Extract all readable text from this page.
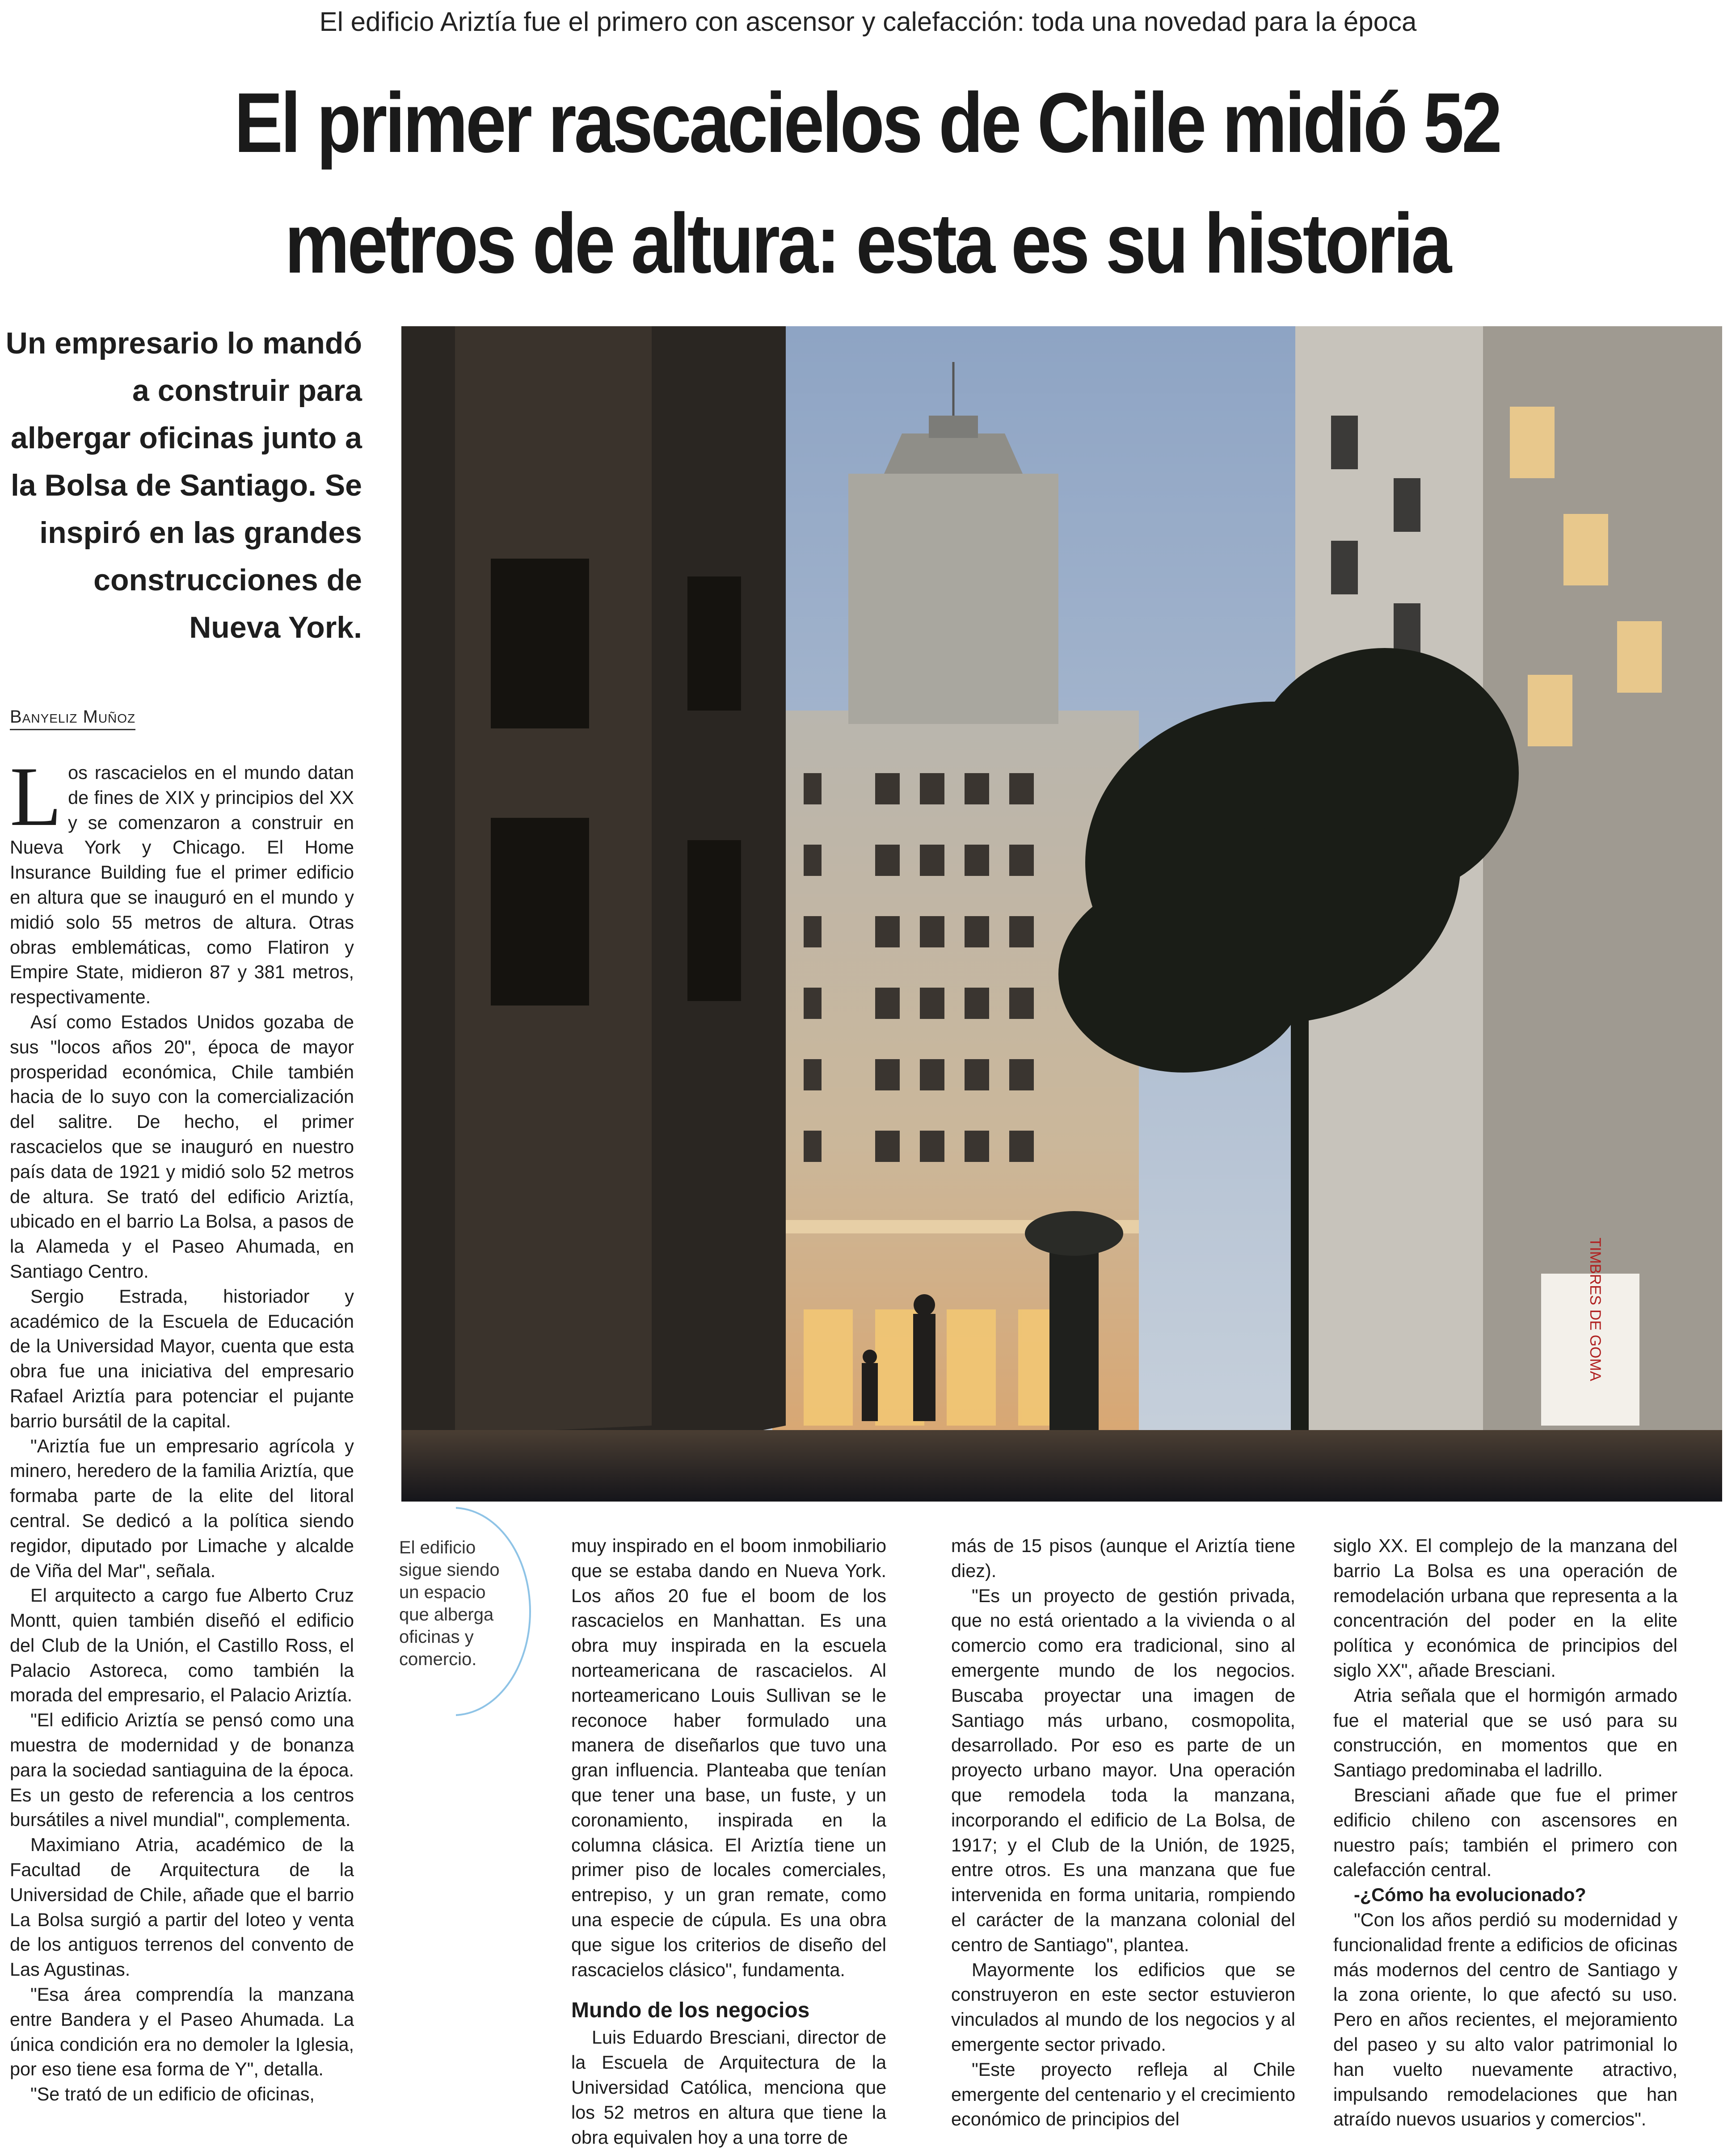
El edificio Ariztía fue el primero con ascensor y calefacción: toda una novedad para la época
El primer rascacielos de Chile midió 52
metros de altura: esta es su historia
Un empresario lo mandó a construir para albergar oficinas junto a la Bolsa de Santiago. Se inspiró en las grandes construcciones de Nueva York.
Banyeliz Muñoz

Los rascacielos en el mundo datan de fines de XIX y principios del XX y se comenzaron a construir en Nueva York y Chicago. El Home Insurance Building fue el primer edificio en altura que se inauguró en el mundo y midió solo 55 metros de altura. Otras obras emblemáticas, como Flatiron y Empire State, midieron 87 y 381 metros, respectivamente.

Así como Estados Unidos gozaba de sus "locos años 20", época de mayor prosperidad económica, Chile también hacia de lo suyo con la comercialización del salitre. De hecho, el primer rascacielos que se inauguró en nuestro país data de 1921 y midió solo 52 metros de altura. Se trató del edificio Ariztía, ubicado en el barrio La Bolsa, a pasos de la Alameda y el Paseo Ahumada, en Santiago Centro.

Sergio Estrada, historiador y académico de la Escuela de Educación de la Universidad Mayor, cuenta que esta obra fue una iniciativa del empresario Rafael Ariztía para potenciar el pujante barrio bursátil de la capital.

"Ariztía fue un empresario agrícola y minero, heredero de la familia Ariztía, que formaba parte de la elite del litoral central. Se dedicó a la política siendo regidor, diputado por Limache y alcalde de Viña del Mar", señala.

El arquitecto a cargo fue Alberto Cruz Montt, quien también diseñó el edificio del Club de la Unión, el Castillo Ross, el Palacio Astoreca, como también la morada del empresario, el Palacio Ariztía.

"El edificio Ariztía se pensó como una muestra de modernidad y de bonanza para la sociedad santiaguina de la época. Es un gesto de referencia a los centros bursátiles a nivel mundial", complementa.

Maximiano Atria, académico de la Facultad de Arquitectura de la Universidad de Chile, añade que el barrio La Bolsa surgió a partir del loteo y venta de los antiguos terrenos del convento de Las Agustinas.

"Esa área comprendía la manzana entre Bandera y el Paseo Ahumada. La única condición era no demoler la Iglesia, por eso tiene esa forma de Y", detalla.

"Se trató de un edificio de oficinas,

TIMBRES DE GOMA
El edificio sigue siendo un espacio que alberga oficinas y comercio.

muy inspirado en el boom inmobiliario que se estaba dando en Nueva York. Los años 20 fue el boom de los rascacielos en Manhattan. Es una obra muy inspirada en la escuela norteamericana de rascacielos. Al norteamericano Louis Sullivan se le reconoce haber formulado una manera de diseñarlos que tuvo una gran influencia. Planteaba que tenían que tener una base, un fuste, y un coronamiento, inspirada en la columna clásica. El Ariztía tiene un primer piso de locales comerciales, entrepiso, y un gran remate, como una especie de cúpula. Es una obra que sigue los criterios de diseño del rascacielos clásico", fundamenta.

Mundo de los negocios

Luis Eduardo Bresciani, director de la Escuela de Arquitectura de la Universidad Católica, menciona que los 52 metros en altura que tiene la obra equivalen hoy a una torre de

más de 15 pisos (aunque el Ariztía tiene diez).

"Es un proyecto de gestión privada, que no está orientado a la vivienda o al comercio como era tradicional, sino al emergente mundo de los negocios. Buscaba proyectar una imagen de Santiago más urbano, cosmopolita, desarrollado. Por eso es parte de un proyecto urbano mayor. Una operación que remodela toda la manzana, incorporando el edificio de La Bolsa, de 1917; y el Club de la Unión, de 1925, entre otros. Es una manzana que fue intervenida en forma unitaria, rompiendo el carácter de la manzana colonial del centro de Santiago", plantea.

Mayormente los edificios que se construyeron en este sector estuvieron vinculados al mundo de los negocios y al emergente sector privado.

"Este proyecto refleja al Chile emergente del centenario y el crecimiento económico de principios del

siglo XX. El complejo de la manzana del barrio La Bolsa es una operación de remodelación urbana que representa a la concentración del poder en la elite política y económica de principios del siglo XX", añade Bresciani.

Atria señala que el hormigón armado fue el material que se usó para su construcción, en momentos que en Santiago predominaba el ladrillo.

Bresciani añade que fue el primer edificio chileno con ascensores en nuestro país; también el primero con calefacción central.

-¿Cómo ha evolucionado?

"Con los años perdió su modernidad y funcionalidad frente a edificios de oficinas más modernos del centro de Santiago y la zona oriente, lo que afectó su uso. Pero en años recientes, el mejoramiento del paseo y su alto valor patrimonial lo han vuelto nuevamente atractivo, impulsando remodelaciones que han atraído nuevos usuarios y comercios".
